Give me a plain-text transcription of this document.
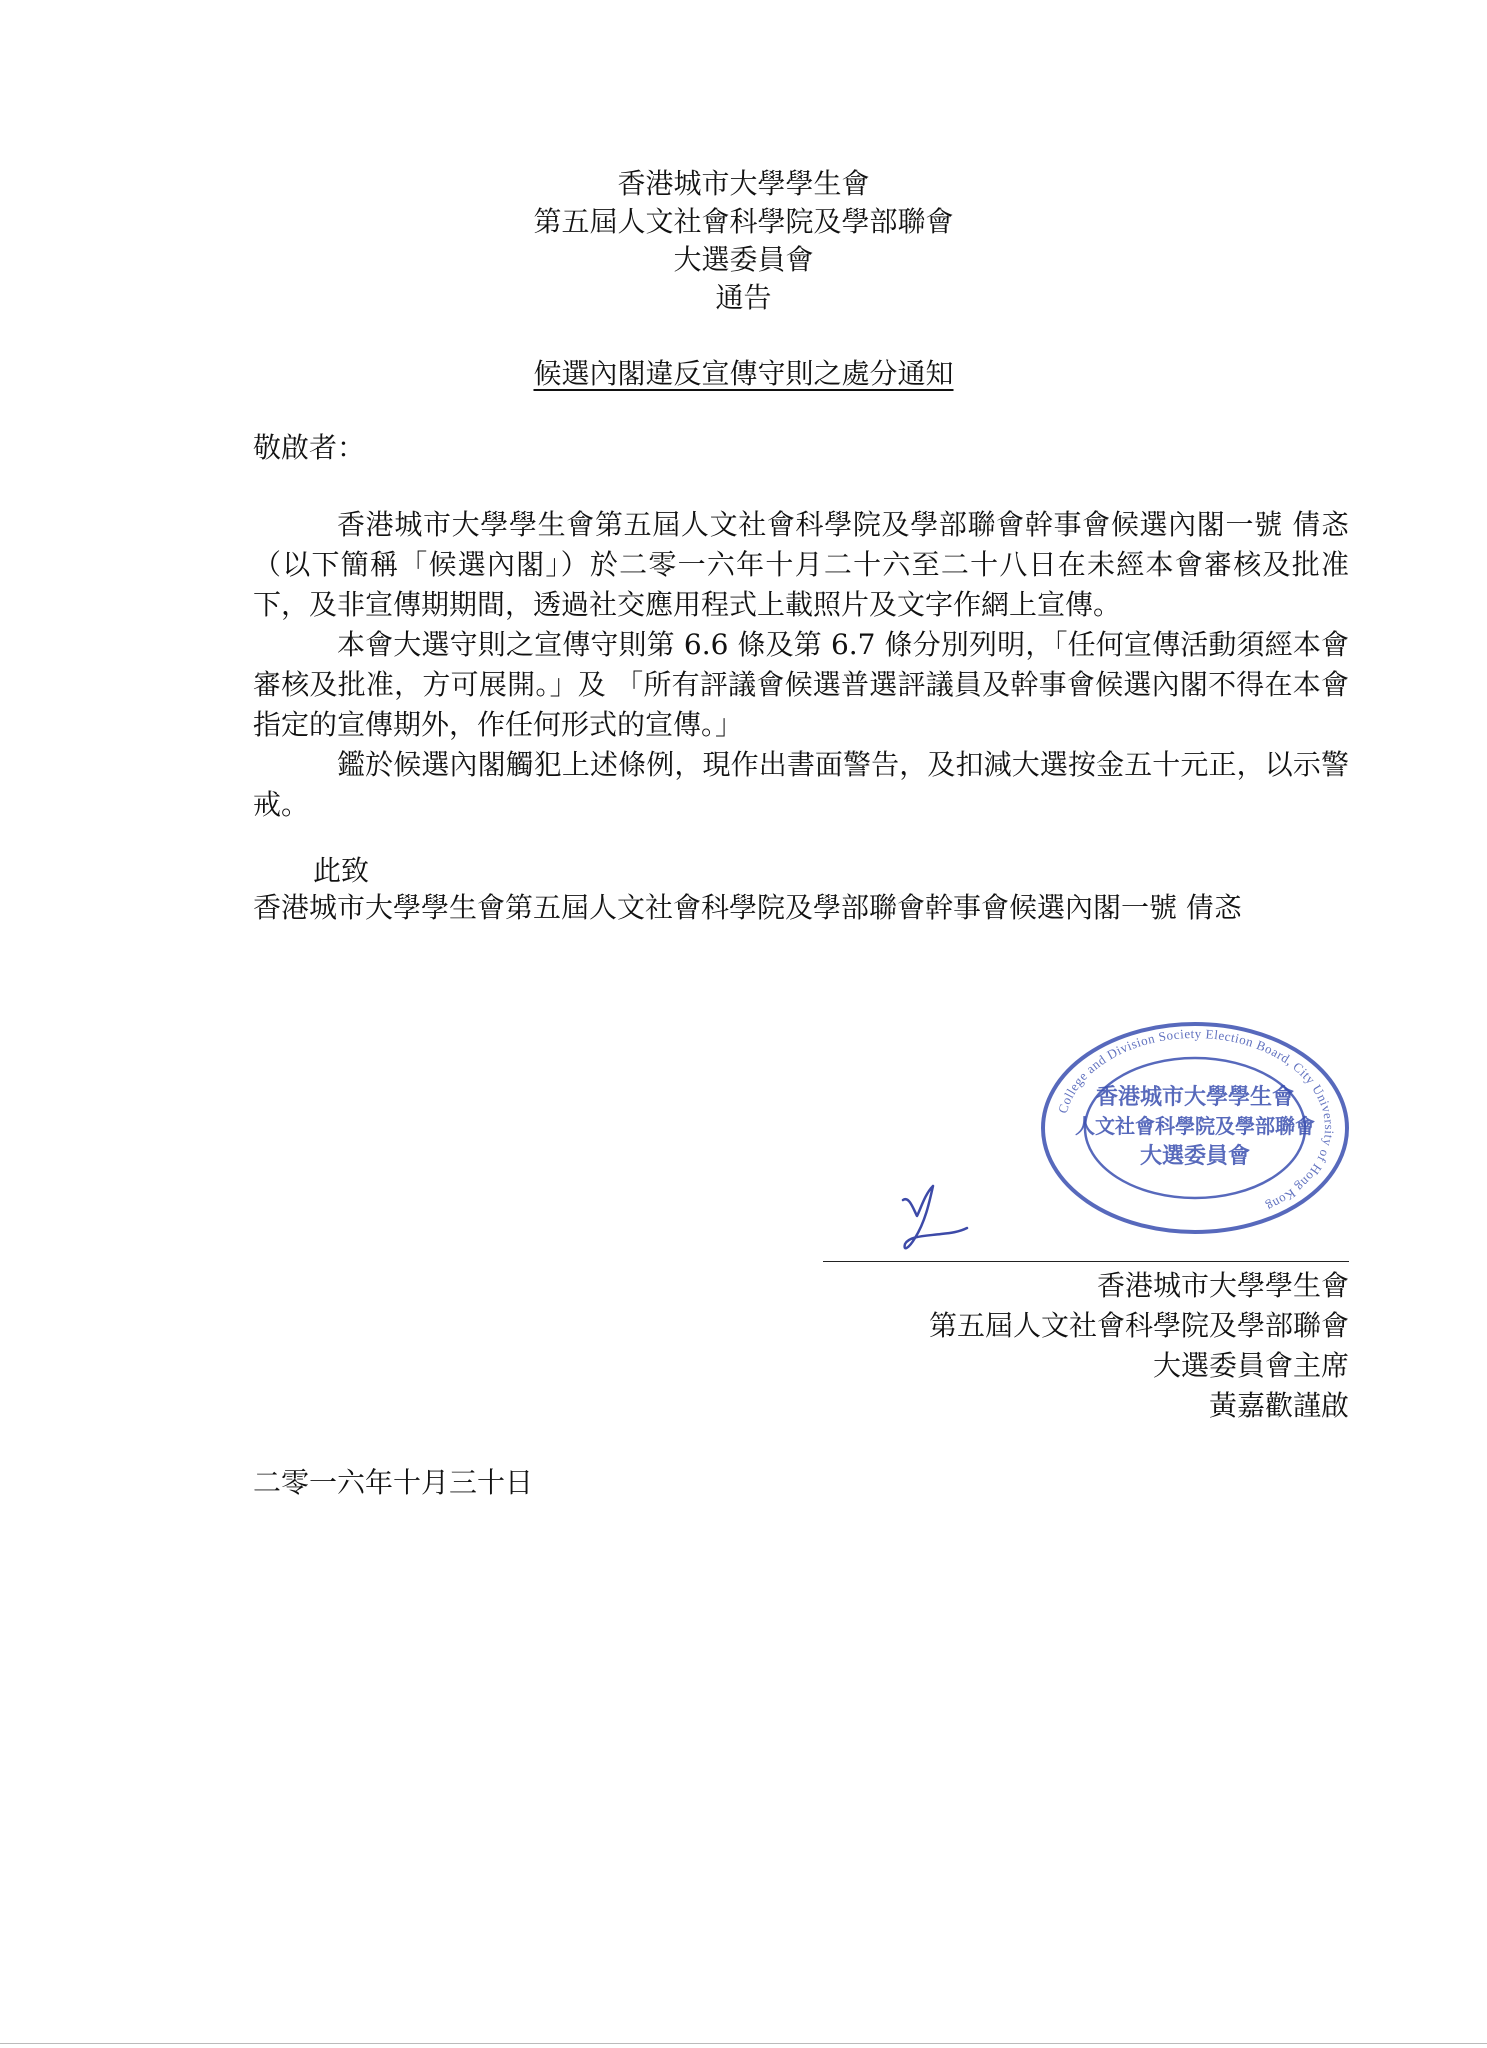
香港城市大學學生會
第五屆人文社會科學院及學部聯會
大選委員會
通告
候選內閣違反宣傳守則之處分通知
敬啟者：

香港城市大學學生會第五屆人文社會科學院及學部聯會幹事會候選內閣一號 倩忞 （以下簡稱「候選內閣」）於二零一六年十月二十六至二十八日在未經本會審核及批准下，及非宣傳期期間，透過社交應用程式上載照片及文字作網上宣傳。

本會大選守則之宣傳守則第 6.6 條及第 6.7 條分別列明，「任何宣傳活動須經本會審核及批准，方可展開。」及 「所有評議會候選普選評議員及幹事會候選內閣不得在本會指定的宣傳期外，作任何形式的宣傳。」

鑑於候選內閣觸犯上述條例，現作出書面警告，及扣減大選按金五十元正，以示警戒。

此致
香港城市大學學生會第五屆人文社會科學院及學部聯會幹事會候選內閣一號 倩忞
College and Division Society Election Board, City University of Hong Kong
香港城市大學學生會
人文社會科學院及學部聯會
大選委員會
香港城市大學學生會
第五屆人文社會科學院及學部聯會
大選委員會主席
黃嘉歡謹啟
二零一六年十月三十日
